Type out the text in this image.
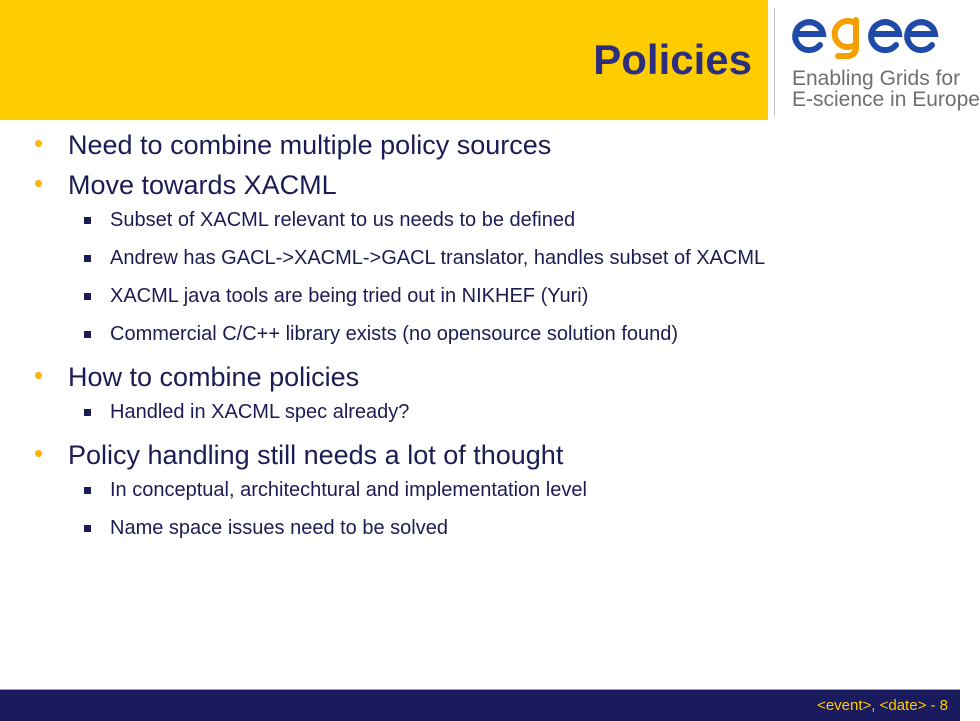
Policies Enabling Grids for
E-science in Europe
• Need to combine multiple policy sources
• Move towards XACML
Subset of XACML relevant to us needs to be defined
Andrew has GACL->XACML->GACL translator, handles subset of XACML
XACML java tools are being tried out in NIKHEF (Yuri)
Commercial C/C++ library exists (no opensource solution found)
• How to combine policies
Handled in XACML spec already?
• Policy handling still needs a lot of thought
In conceptual, architechtural and implementation level
Name space issues need to be solved
<event>, <date> - 8
